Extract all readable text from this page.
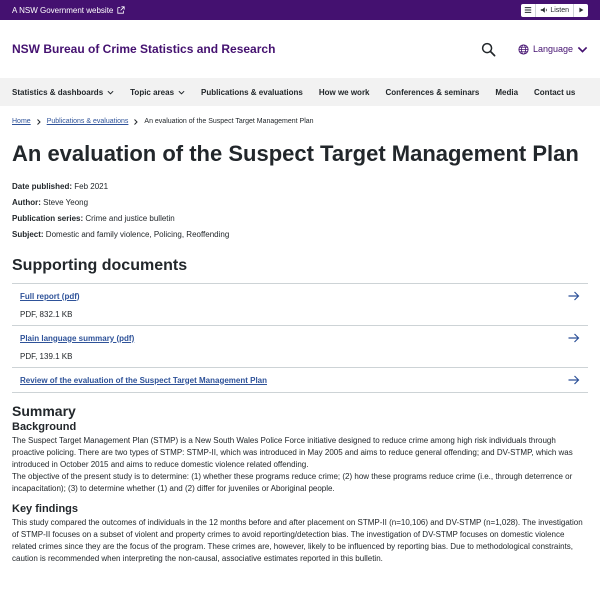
A NSW Government website	Listen
NSW Bureau of Crime Statistics and Research	Language
Statistics & dashboards	Topic areas	Publications & evaluations How we work Conferences & seminars Media Contact us
Home Publications & evaluations An evaluation of the Suspect Target Management Plan
An evaluation of the Suspect Target Management Plan
Date published: Feb 2021
Author: Steve Yeong
Publication series: Crime and justice bulletin
Subject: Domestic and family violence, Policing, Reoffending
Supporting documents
Full report (pdf)
PDF, 832.1 KB
Plain language summary (pdf)
PDF, 139.1 KB
Review of the evaluation of the Suspect Target Management Plan
Summary
Background

The Suspect Target Management Plan (STMP) is a New South Wales Police Force initiative designed to reduce crime among high risk individuals through proactive policing. There are two types of STMP: STMP-II, which was introduced in May 2005 and aims to reduce general offending; and DV-STMP, which was introduced in October 2015 and aims to reduce domestic violence related offending.

The objective of the present study is to determine: (1) whether these programs reduce crime; (2) how these programs reduce crime (i.e., through deterrence or incapacitation); (3) to determine whether (1) and (2) differ for juveniles or Aboriginal people.

Key findings

This study compared the outcomes of individuals in the 12 months before and after placement on STMP-II (n=10,106) and DV-STMP (n=1,028). The investigation of STMP-II focuses on a subset of violent and property crimes to avoid reporting/detection bias. The investigation of DV-STMP focuses on domestic violence related crimes since they are the focus of the program. These crimes are, however, likely to be influenced by reporting bias. Due to methodological constraints, caution is recommended when interpreting the non-causal, associative estimates reported in this bulletin.
